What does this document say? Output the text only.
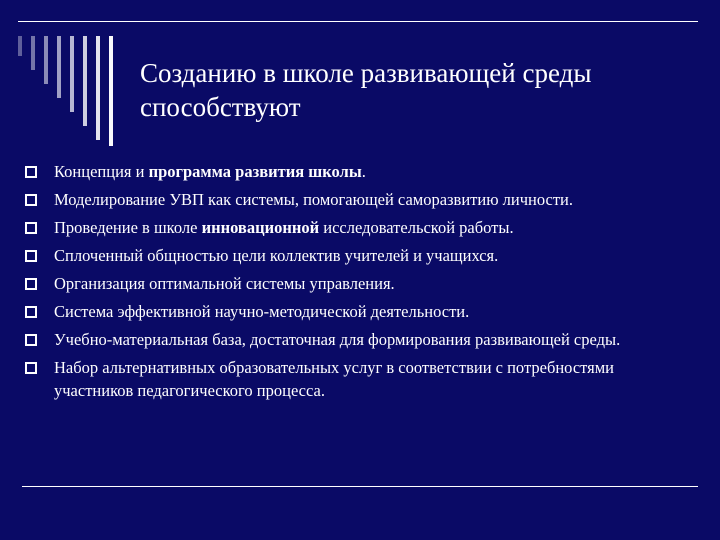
Созданию в школе развивающей среды способствуют
Концепция и программа развития школы.
Моделирование УВП как системы, помогающей саморазвитию личности.
Проведение в школе инновационной исследовательской работы.
Сплоченный общностью цели коллектив учителей и учащихся.
Организация оптимальной системы управления.
Система эффективной научно-методической деятельности.
Учебно-материальная база, достаточная для формирования развивающей среды.
Набор альтернативных образовательных услуг в соответствии с потребностями участников педагогического процесса.
